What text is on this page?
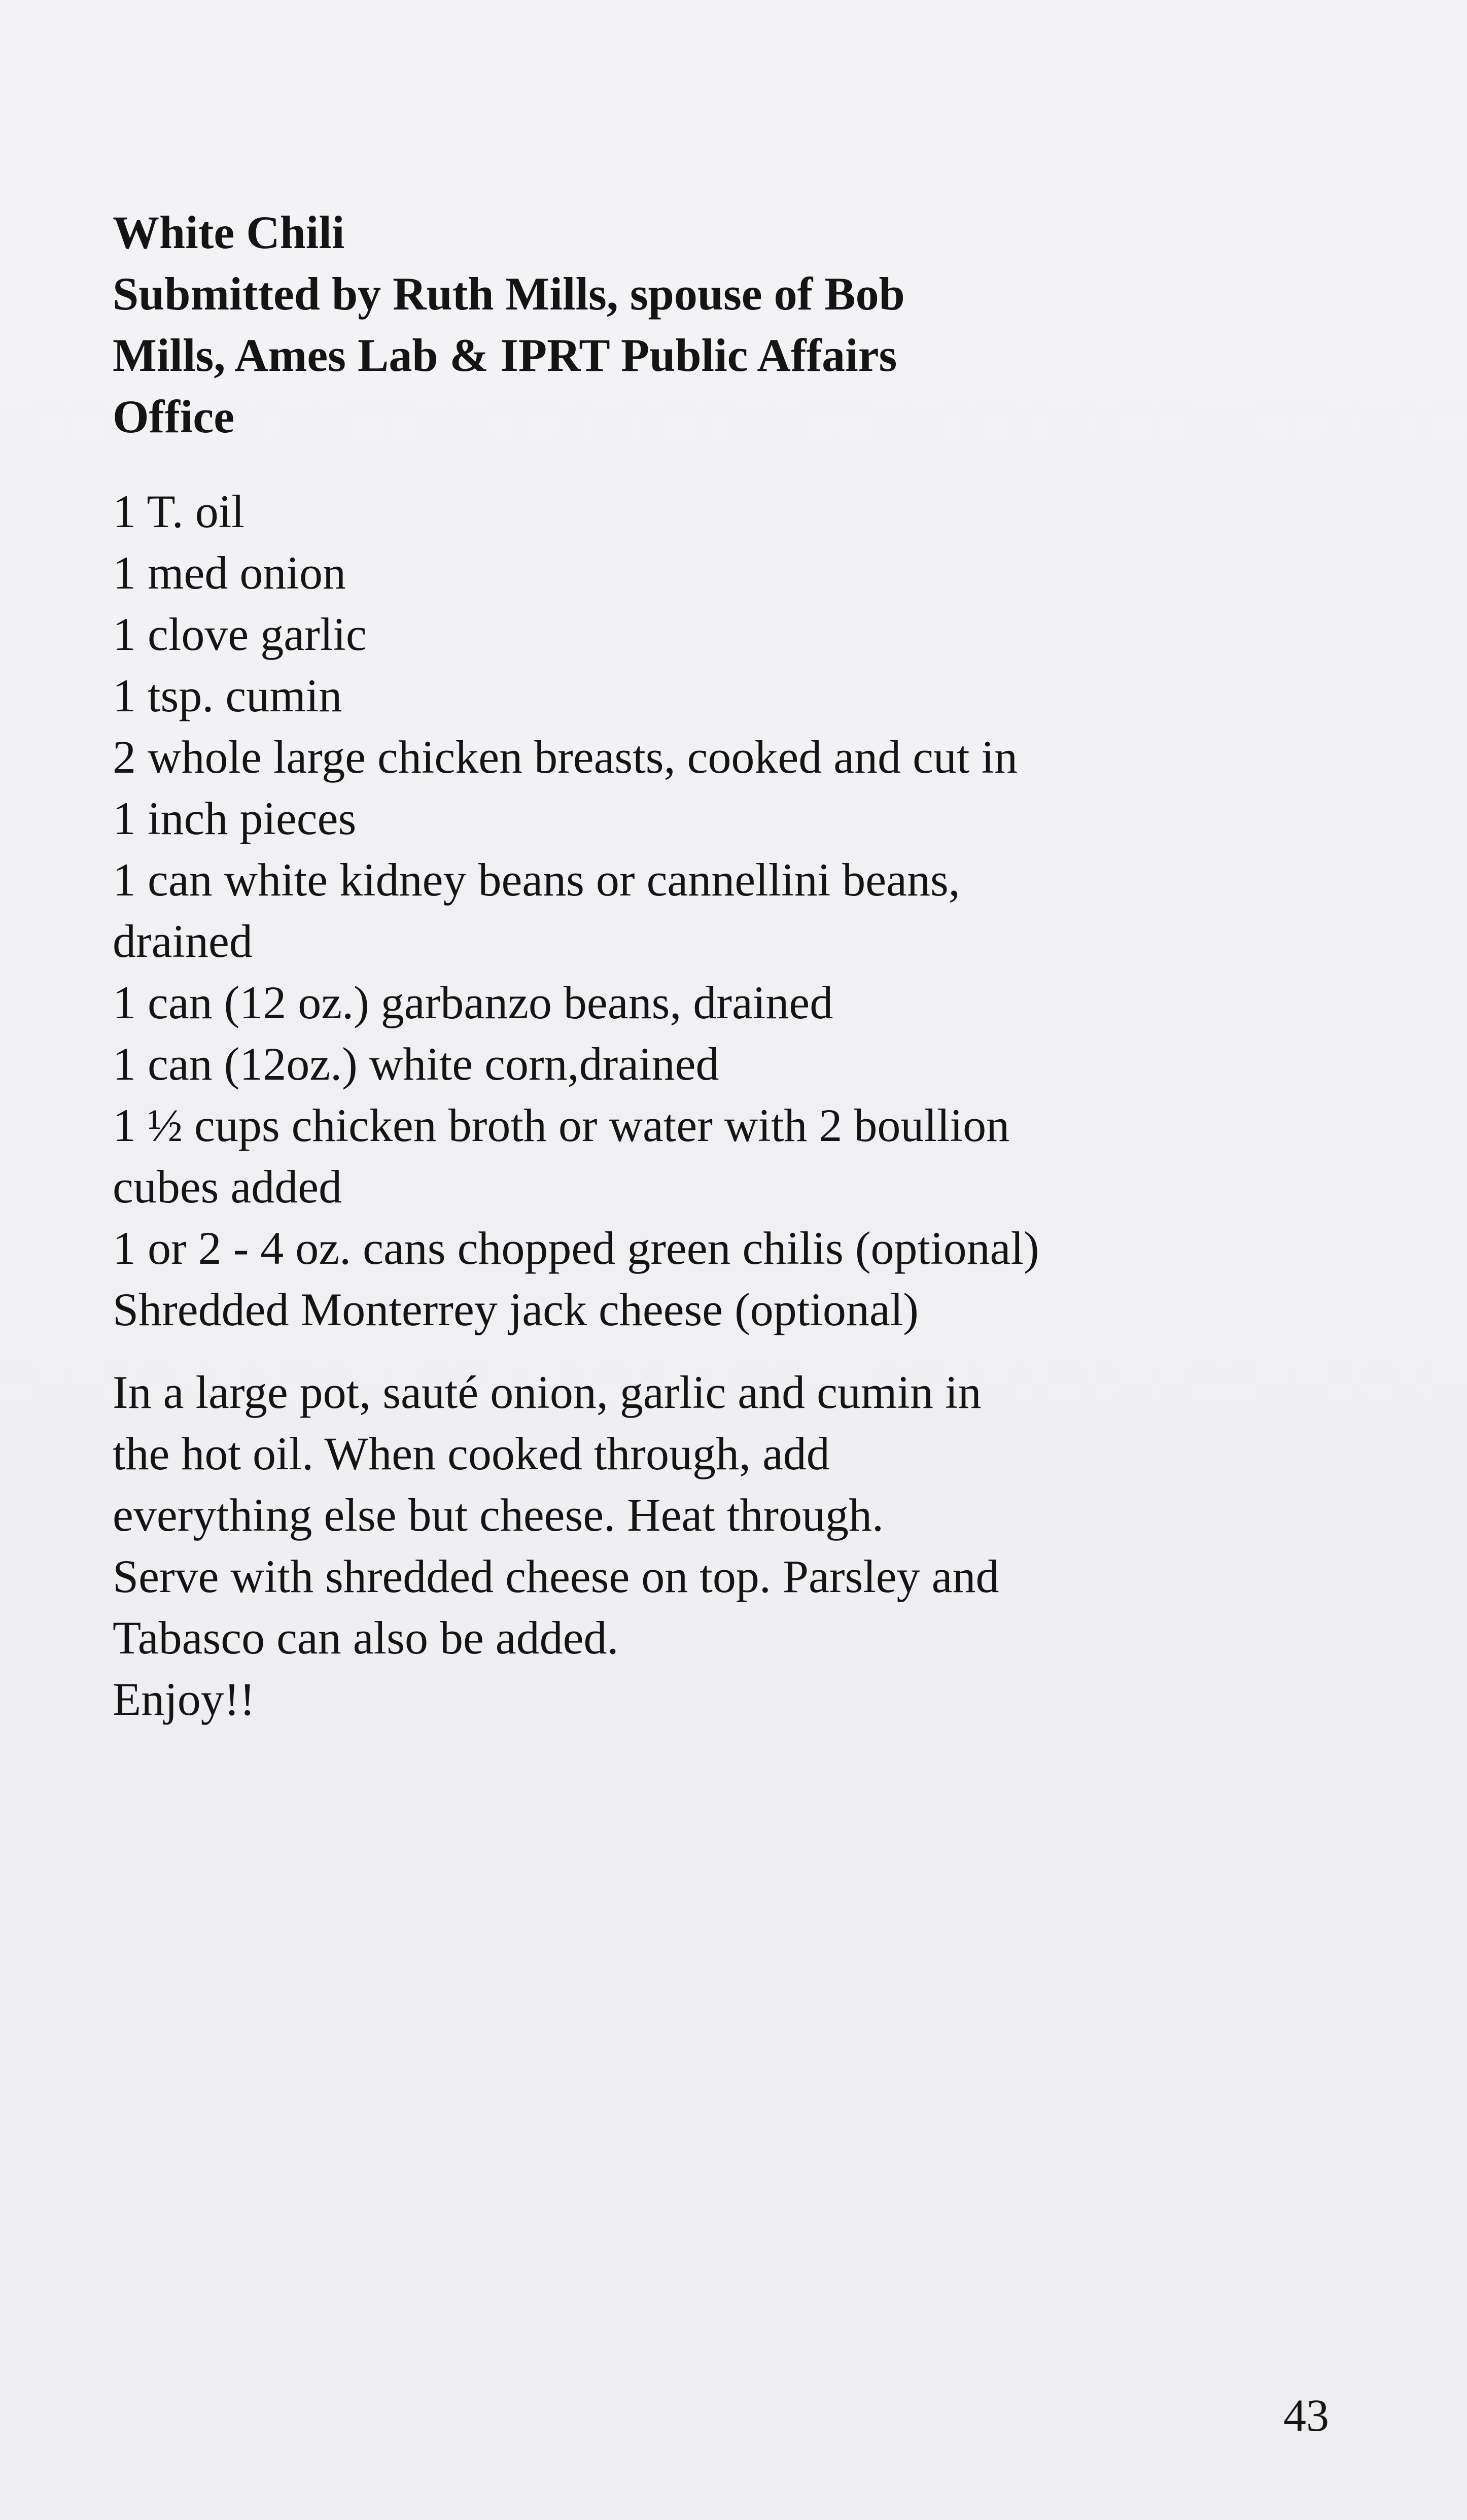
White Chili
Submitted by Ruth Mills, spouse of Bob
Mills, Ames Lab & IPRT Public Affairs
Office
1 T. oil
1 med onion
1 clove garlic
1 tsp. cumin
2 whole large chicken breasts, cooked and cut in
1 inch pieces
1 can white kidney beans or cannellini beans,
drained
1 can (12 oz.) garbanzo beans, drained
1 can (12oz.) white corn,drained
1 ½ cups chicken broth or water with 2 boullion
cubes added
1 or 2 - 4 oz. cans chopped green chilis (optional)
Shredded Monterrey jack cheese (optional)
In a large pot, sauté onion, garlic and cumin in
the hot oil. When cooked through, add
everything else but cheese. Heat through.
Serve with shredded cheese on top. Parsley and
Tabasco can also be added.
Enjoy!!
43
